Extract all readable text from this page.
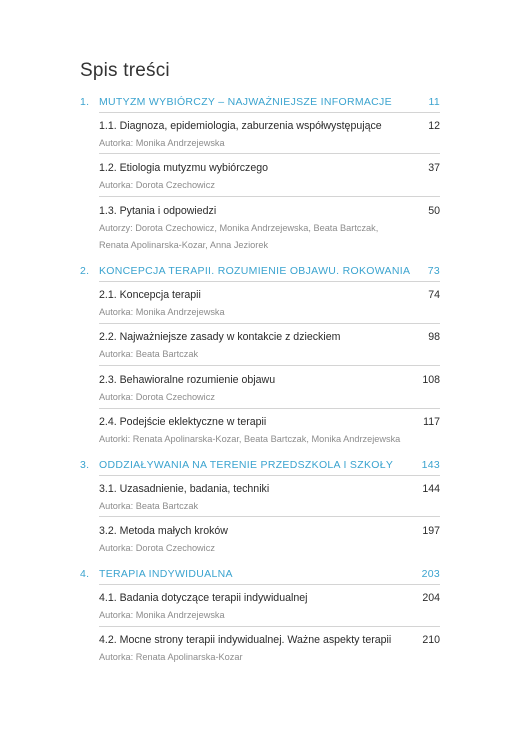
Spis treści
1. MUTYZM WYBIÓRCZY – NAJWAŻNIEJSZE INFORMACJE	11
1.1. Diagnoza, epidemiologia, zaburzenia współwystępujące	12
Autorka: Monika Andrzejewska
1.2. Etiologia mutyzmu wybiórczego	37
Autorka: Dorota Czechowicz
1.3. Pytania i odpowiedzi	50
Autorzy: Dorota Czechowicz, Monika Andrzejewska, Beata Bartczak, Renata Apolinarska-Kozar, Anna Jeziorek
2. KONCEPCJA TERAPII. ROZUMIENIE OBJAWU. ROKOWANIA 73
2.1. Koncepcja terapii	74
Autorka: Monika Andrzejewska
2.2. Najważniejsze zasady w kontakcie z dzieckiem	98
Autorka: Beata Bartczak
2.3. Behawioralne rozumienie objawu	108
Autorka: Dorota Czechowicz
2.4. Podejście eklektyczne w terapii	117
Autorki: Renata Apolinarska-Kozar, Beata Bartczak, Monika Andrzejewska
3. ODDZIAŁYWANIA NA TERENIE PRZEDSZKOLA I SZKOŁY	143
3.1. Uzasadnienie, badania, techniki	144
Autorka: Beata Bartczak
3.2. Metoda małych kroków	197
Autorka: Dorota Czechowicz
4. TERAPIA INDYWIDUALNA	203
4.1. Badania dotyczące terapii indywidualnej	204
Autorka: Monika Andrzejewska
4.2. Mocne strony terapii indywidualnej. Ważne aspekty terapii	210
Autorka: Renata Apolinarska-Kozar
